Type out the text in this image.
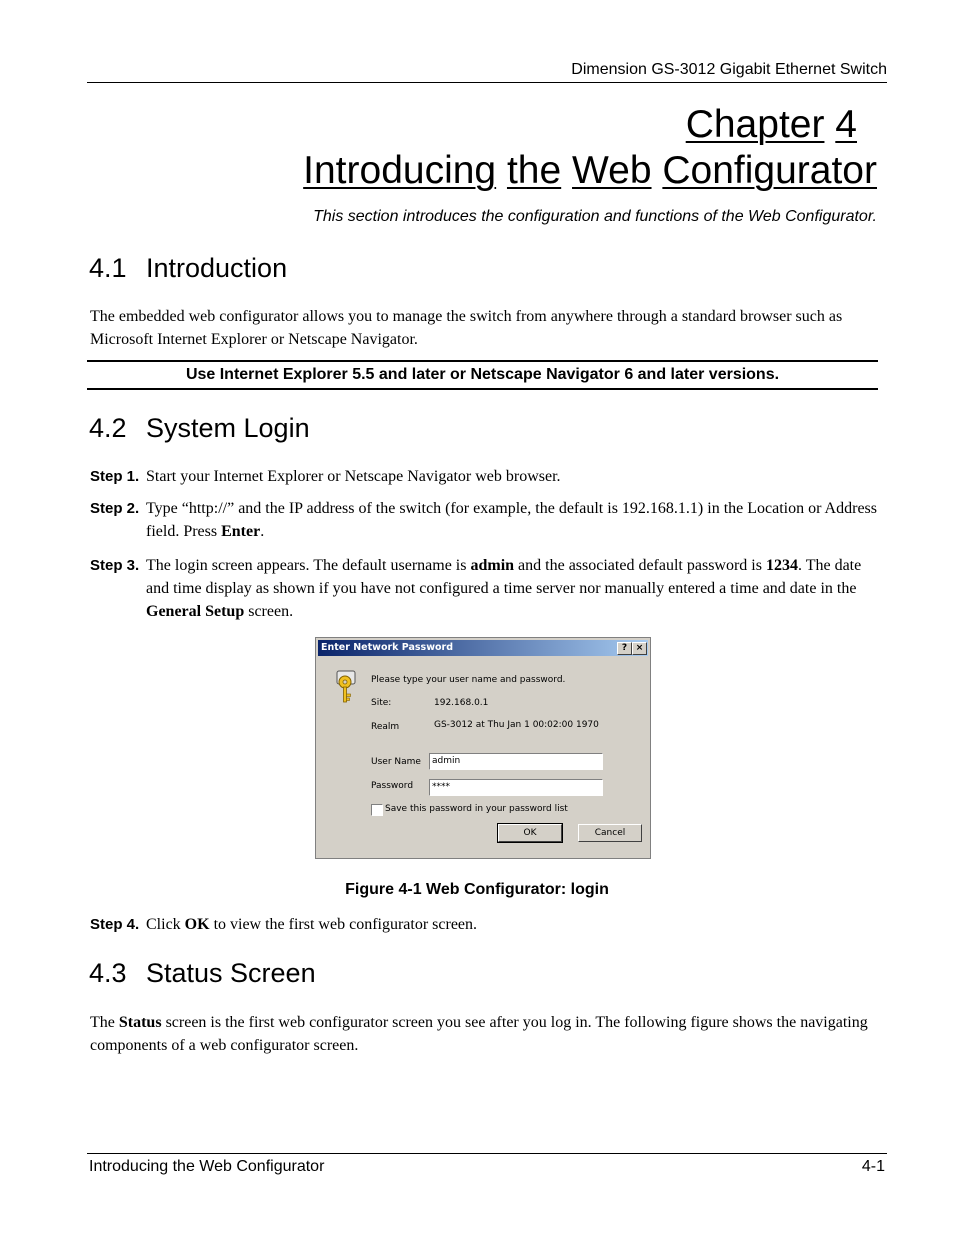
Dimension GS-3012 Gigabit Ethernet Switch
Chapter 4
Introducing the Web Configurator
This section introduces the configuration and functions of the Web Configurator.
4.1 Introduction
The embedded web configurator allows you to manage the switch from anywhere through a standard browser such as Microsoft Internet Explorer or Netscape Navigator.
Use Internet Explorer 5.5 and later or Netscape Navigator 6 and later versions.
4.2 System Login
Step 1. Start your Internet Explorer or Netscape Navigator web browser.
Step 2. Type “http://” and the IP address of the switch (for example, the default is 192.168.1.1) in the Location or Address field. Press Enter.
Step 3. The login screen appears. The default username is admin and the associated default password is 1234. The date and time display as shown if you have not configured a time server nor manually entered a time and date in the General Setup screen.
Enter Network Password	? ×
Please type your user name and password.
Site:	192.168.0.1
Realm	GS-3012 at Thu Jan 1 00:02:00 1970
User Name	admin
Password	****
Save this password in your password list
OK	Cancel
Figure 4-1 Web Configurator: login
Step 4. Click OK to view the first web configurator screen.
4.3 Status Screen
The Status screen is the first web configurator screen you see after you log in. The following figure shows the navigating components of a web configurator screen.
Introducing the Web Configurator	4-1
